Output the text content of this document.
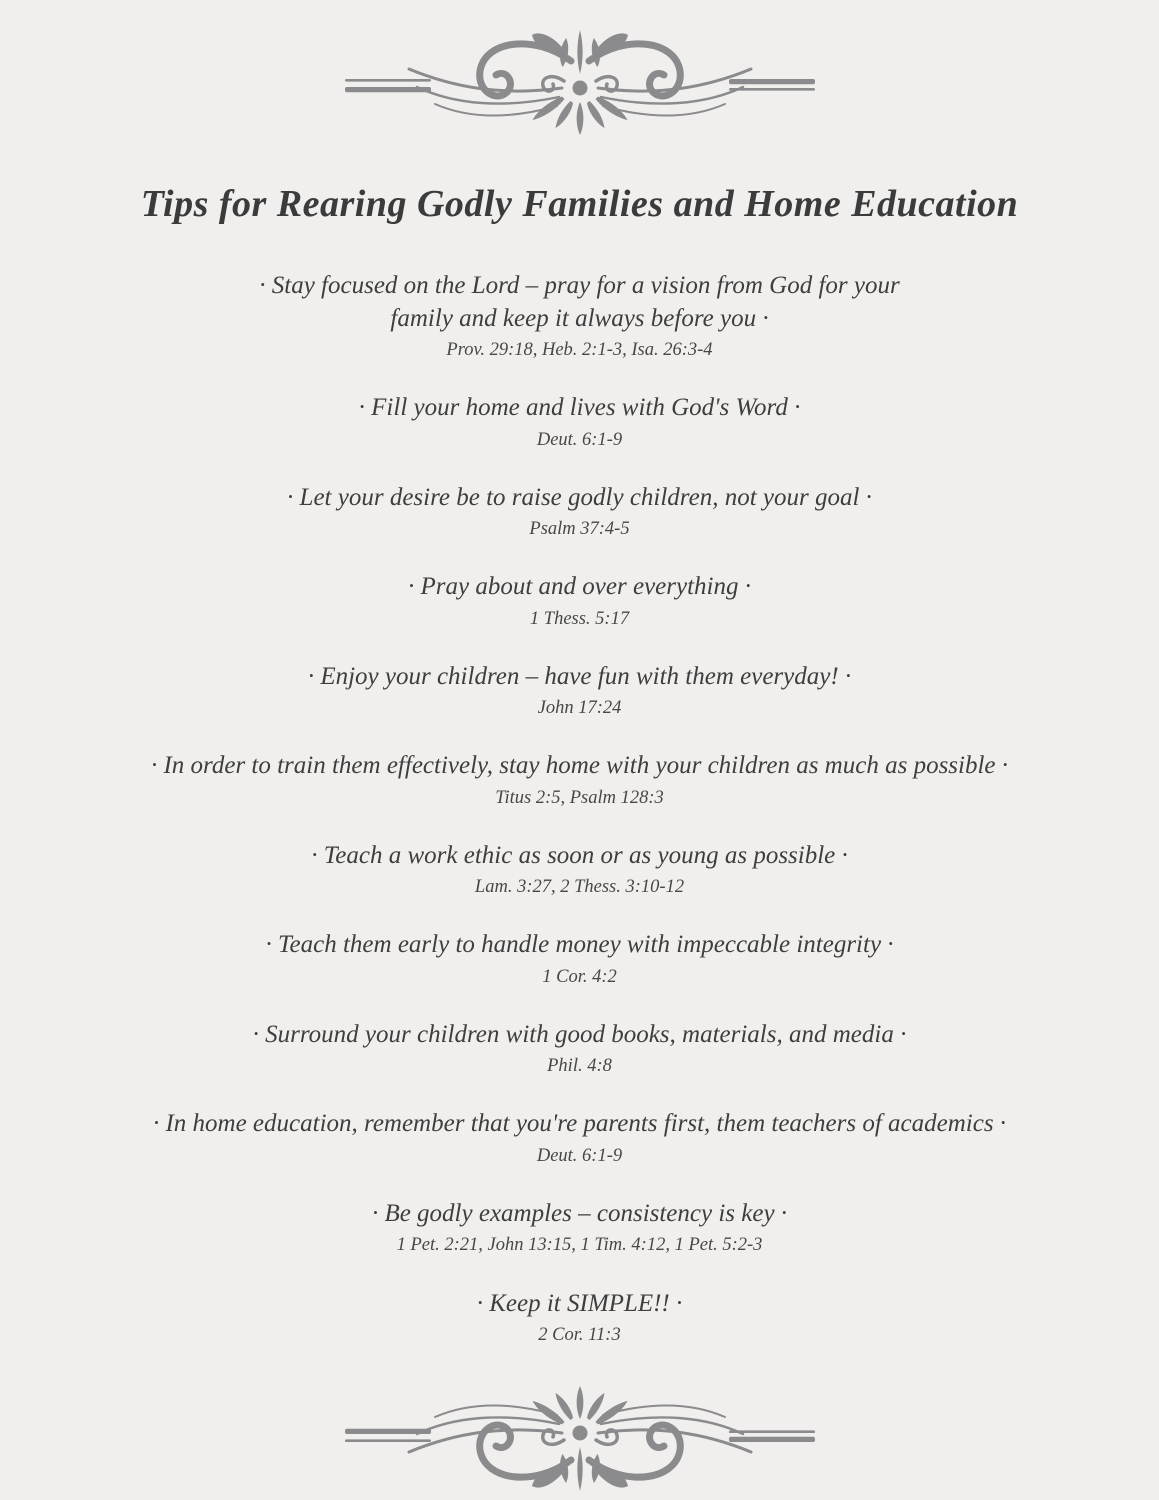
Tips for Rearing Godly Families and Home Education

· Stay focused on the Lord – pray for a vision from God for your family and keep it always before you ·

Prov. 29:18, Heb. 2:1-3, Isa. 26:3-4

· Fill your home and lives with God's Word ·

Deut. 6:1-9

· Let your desire be to raise godly children, not your goal ·

Psalm 37:4-5

· Pray about and over everything ·

1 Thess. 5:17

· Enjoy your children – have fun with them everyday! ·

John 17:24

· In order to train them effectively, stay home with your children as much as possible ·

Titus 2:5, Psalm 128:3

· Teach a work ethic as soon or as young as possible ·

Lam. 3:27, 2 Thess. 3:10-12

· Teach them early to handle money with impeccable integrity ·

1 Cor. 4:2

· Surround your children with good books, materials, and media ·

Phil. 4:8

· In home education, remember that you're parents first, them teachers of academics ·

Deut. 6:1-9

· Be godly examples – consistency is key ·

1 Pet. 2:21, John 13:15, 1 Tim. 4:12, 1 Pet. 5:2-3

· Keep it SIMPLE!! ·

2 Cor. 11:3
